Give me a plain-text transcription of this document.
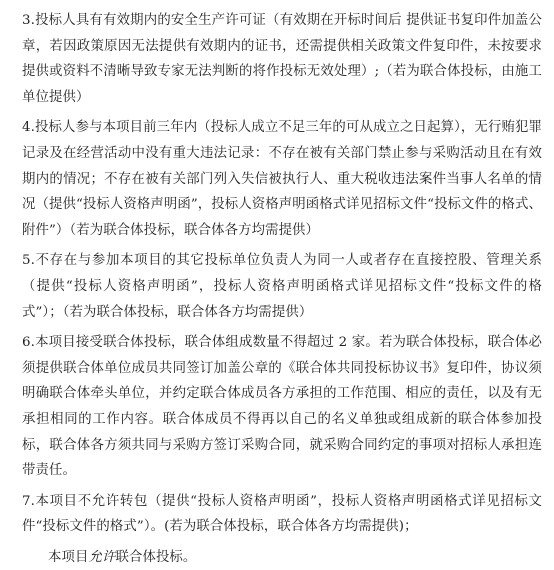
3.投标人具有有效期内的安全生产许可证（有效期在开标时间后 提供证书复印件加盖公章，若因政策原因无法提供有效期内的证书，还需提供相关政策文件复印件，未按要求提供或资料不清晰导致专家无法判断的将作投标无效处理）;（若为联合体投标，由施工单位提供）

4.投标人参与本项目前三年内（投标人成立不足三年的可从成立之日起算），无行贿犯罪记录及在经营活动中没有重大违法记录：不存在被有关部门禁止参与采购活动且在有效期内的情况；不存在被有关部门列入失信被执行人、重大税收违法案件当事人名单的情况（提供“投标人资格声明函”，投标人资格声明函格式详见招标文件“投标文件的格式、附件”）（若为联合体投标，联合体各方均需提供）

5.不存在与参加本项目的其它投标单位负责人为同一人或者存在直接控股、管理关系（提供“投标人资格声明函”，投标人资格声明函格式详见招标文件“投标文件的格式”）；（若为联合体投标，联合体各方均需提供）

6.本项目接受联合体投标，联合体组成数量不得超过 2 家。若为联合体投标，联合体必须提供联合体单位成员共同签订加盖公章的《联合体共同投标协议书》复印件，协议须明确联合体牵头单位，并约定联合体成员各方承担的工作范围、相应的责任，以及有无承担相同的工作内容。联合体成员不得再以自己的名义单独或组成新的联合体参加投标，联合体各方须共同与采购方签订采购合同，就采购合同约定的事项对招标人承担连带责任。

7.本项目不允许转包（提供“投标人资格声明函”，投标人资格声明函格式详见招标文件“投标文件的格式”）。(若为联合体投标，联合体各方均需提供)；

本项目允许联合体投标。
